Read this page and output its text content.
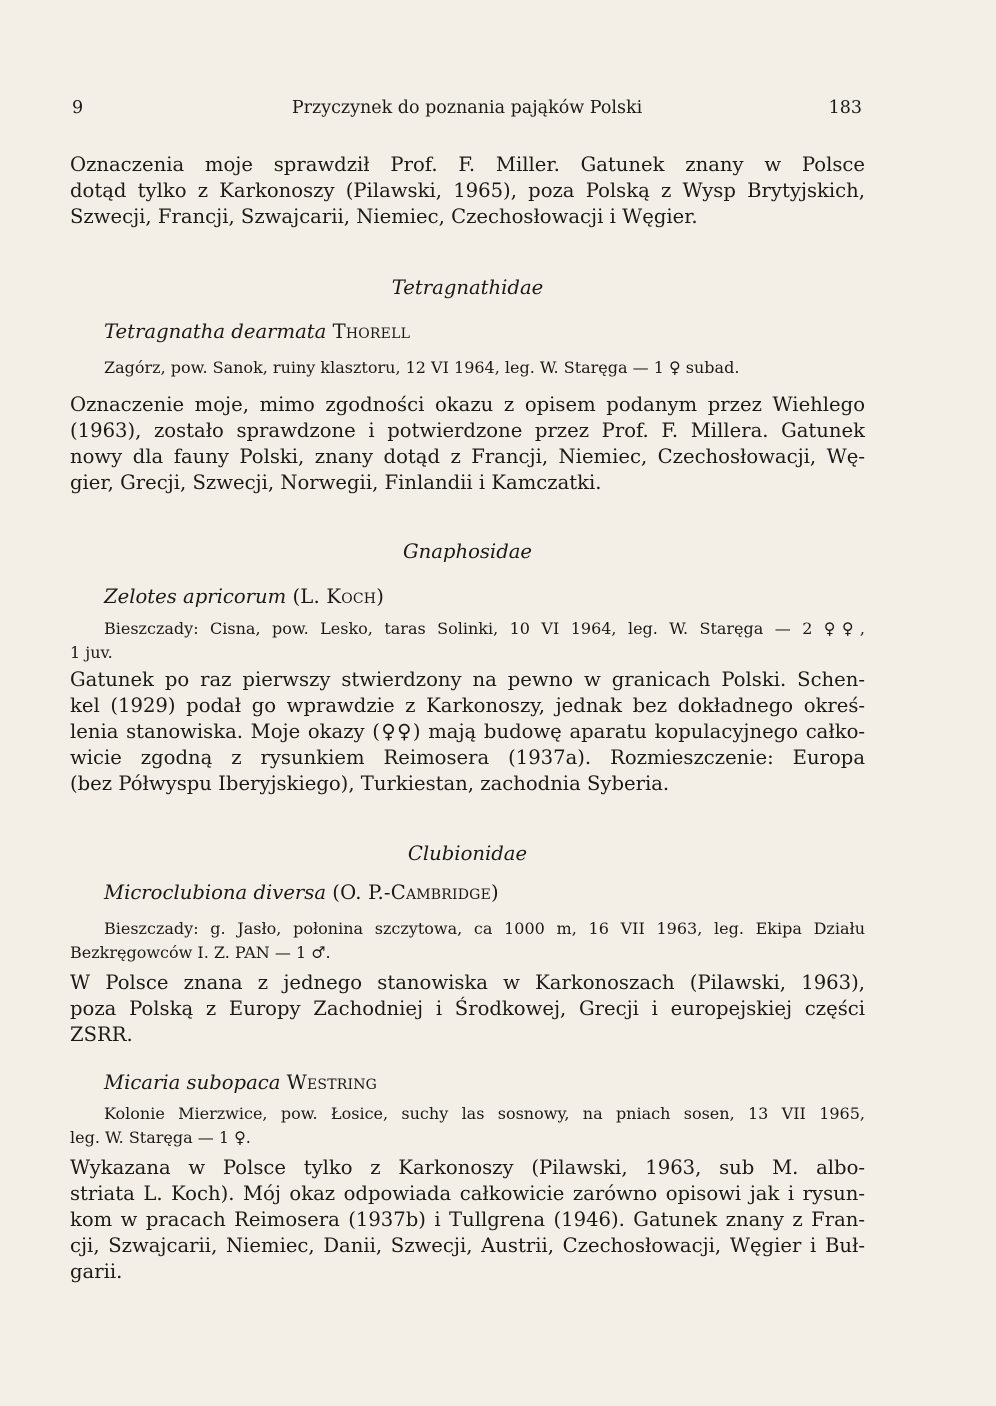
9	Przyczynek do poznania pająków Polski	183

Oznaczenia moje sprawdził Prof. F. Miller. Gatunek znany w Polsce
dotąd tylko z Karkonoszy (Pilawski, 1965), poza Polską z Wysp Brytyjskich,
Szwecji, Francji, Szwajcarii, Niemiec, Czechosłowacji i Węgier.

Tetragnathidae

Tetragnatha dearmata Thorell

Zagórz, pow. Sanok, ruiny klasztoru, 12 VI 1964, leg. W. Staręga — 1 ♀ subad.

Oznaczenie moje, mimo zgodności okazu z opisem podanym przez Wiehlego
(1963), zostało sprawdzone i potwierdzone przez Prof. F. Millera. Gatunek
nowy dla fauny Polski, znany dotąd z Francji, Niemiec, Czechosłowacji, Wę-
gier, Grecji, Szwecji, Norwegii, Finlandii i Kamczatki.

Gnaphosidae

Zelotes apricorum (L. Koch)

Bieszczady: Cisna, pow. Lesko, taras Solinki, 10 VI 1964, leg. W. Staręga — 2 ♀♀,
1 juv.

Gatunek po raz pierwszy stwierdzony na pewno w granicach Polski. Schen-
kel (1929) podał go wprawdzie z Karkonoszy, jednak bez dokładnego okreś-
lenia stanowiska. Moje okazy (♀♀) mają budowę aparatu kopulacyjnego całko-
wicie zgodną z rysunkiem Reimosera (1937a). Rozmieszczenie: Europa
(bez Półwyspu Iberyjskiego), Turkiestan, zachodnia Syberia.

Clubionidae

Microclubiona diversa (O. P.-Cambridge)

Bieszczady: g. Jasło, połonina szczytowa, ca 1000 m, 16 VII 1963, leg. Ekipa Działu
Bezkręgowców I. Z. PAN — 1 ♂.

W Polsce znana z jednego stanowiska w Karkonoszach (Pilawski, 1963),
poza Polską z Europy Zachodniej i Środkowej, Grecji i europejskiej części
ZSRR.

Micaria subopaca Westring

Kolonie Mierzwice, pow. Łosice, suchy las sosnowy, na pniach sosen, 13 VII 1965,
leg. W. Staręga — 1 ♀.

Wykazana w Polsce tylko z Karkonoszy (Pilawski, 1963, sub M. albo-
striata L. Koch). Mój okaz odpowiada całkowicie zarówno opisowi jak i rysun-
kom w pracach Reimosera (1937b) i Tullgrena (1946). Gatunek znany z Fran-
cji, Szwajcarii, Niemiec, Danii, Szwecji, Austrii, Czechosłowacji, Węgier i Buł-
garii.
